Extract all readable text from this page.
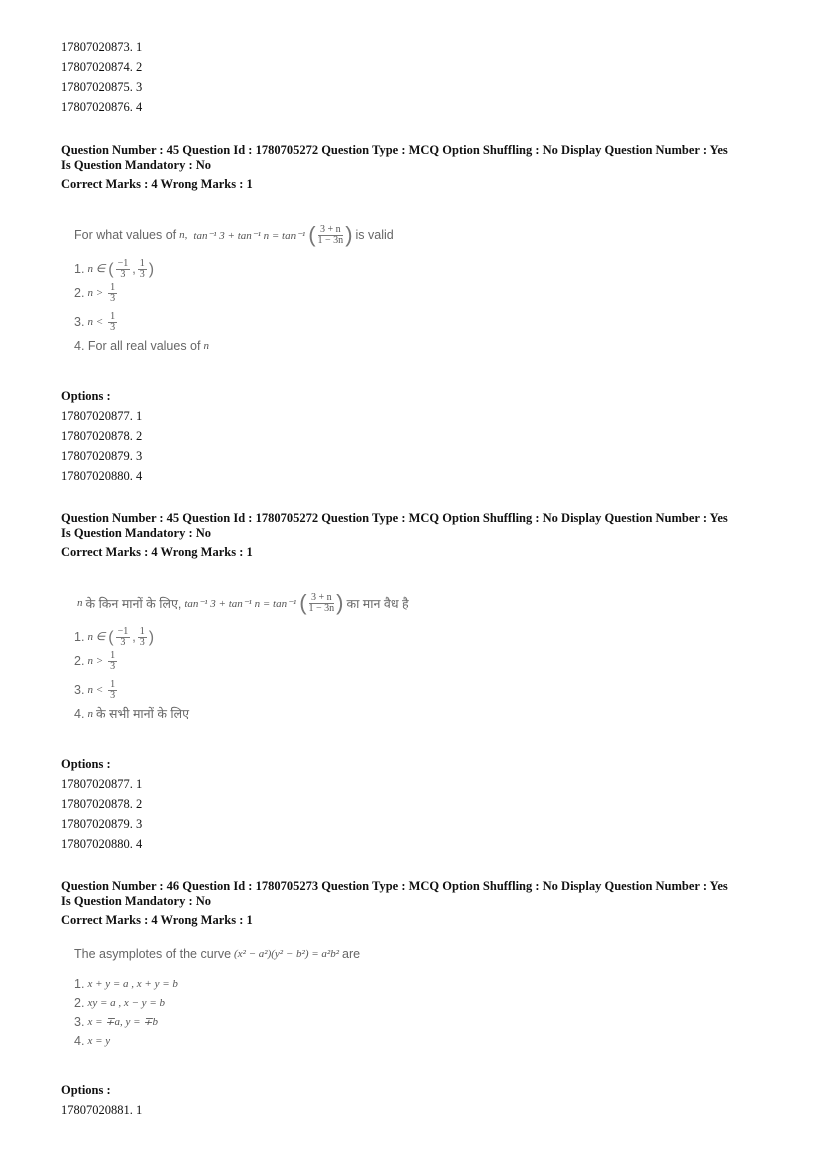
17807020873. 1
17807020874. 2
17807020875. 3
17807020876. 4
Question Number : 45 Question Id : 1780705272 Question Type : MCQ Option Shuffling : No Display Question Number : Yes
Is Question Mandatory : No
Correct Marks : 4 Wrong Marks : 1
For what values of n, tan⁻¹ 3 + tan⁻¹ n = tan⁻¹ ( $\frac{3 + n}{1 - 3n}$ ) is valid
1. n ∈ ( $\frac{-1}{3}$ , $\frac{1}{3}$ )
2. $n > \frac{1}{3}$
3. $n < \frac{1}{3}$
4.
For all real values of n
Options :
17807020877. 1
17807020878. 2
17807020879. 3
17807020880. 4
Question Number : 45 Question Id : 1780705272 Question Type : MCQ Option Shuffling : No Display Question Number : Yes
Is Question Mandatory : No
Correct Marks : 4 Wrong Marks : 1
n के किन मानों के लिए, tan⁻¹ 3 + tan⁻¹ n = tan⁻¹ ( $\frac{3 + n}{1 - 3n}$ ) का मान वैध है
1. n ∈ ( $\frac{-1}{3}$ , $\frac{1}{3}$ )
2. $n > \frac{1}{3}$
3. $n < \frac{1}{3}$
4. n के सभी मानों के लिए
Options :
17807020877. 1
17807020878. 2
17807020879. 3
17807020880. 4
Question Number : 46 Question Id : 1780705273 Question Type : MCQ Option Shuffling : No Display Question Number : Yes
Is Question Mandatory : No
Correct Marks : 4 Wrong Marks : 1
The asymplotes of the curve (x² − a²)(y² − b²) = a²b² are
1. x + y = a , x + y = b
2. xy = a , x − y = b
3. x = ∓a, y = ∓b
4. x = y
Options :
17807020881. 1
